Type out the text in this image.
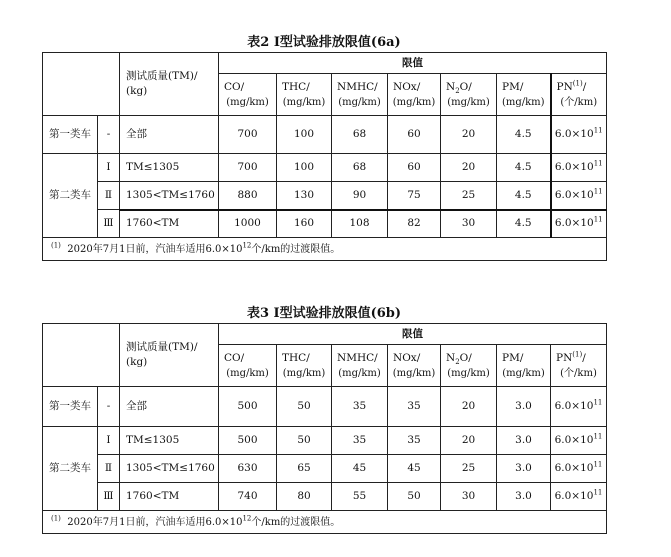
表2 Ⅰ型试验排放限值(6a)
		测试质量(TM)/
(kg)	限值						

			CO/
(mg/km)	THC/
(mg/km)	NMHC/
(mg/km)	NOx/
(mg/km)	$N_2O/$
(mg/km)	PM/
(mg/km)	PN$^{(1)}$/
(个/km)

第一类车	-	全部	700	100	68	60	20	4.5	$6.0\times 10^{11}$
第二类车	Ⅰ	TM≤1305	700	100	68	60	20	4.5	$6.0\times 10^{11}$
	Ⅱ	1305<TM≤1760	880	130	90	75	25	4.5	$6.0\times 10^{11}$
	Ⅲ	1760<TM	1000	160	108	82	30	4.5	$6.0\times 10^{11}$
$^{(1)}$ 2020年7月1日前，汽油车适用$6.0\times 10^{12}$个/km的过渡限值。									
表3 Ⅰ型试验排放限值(6b)
		测试质量(TM)/
(kg)	限值						

			CO/
(mg/km)	THC/
(mg/km)	NMHC/
(mg/km)	NOx/
(mg/km)	$N_2O/$
(mg/km)	PM/
(mg/km)	PN$^{(1)}$/
(个/km)

第一类车	-	全部	500	50	35	35	20	3.0	$6.0\times 10^{11}$
第二类车	Ⅰ	TM≤1305	500	50	35	35	20	3.0	$6.0\times 10^{11}$
	Ⅱ	1305<TM≤1760	630	65	45	45	25	3.0	$6.0\times 10^{11}$
	Ⅲ	1760<TM	740	80	55	50	30	3.0	$6.0\times 10^{11}$
$^{(1)}$ 2020年7月1日前，汽油车适用$6.0\times 10^{12}$个/km的过渡限值。									
